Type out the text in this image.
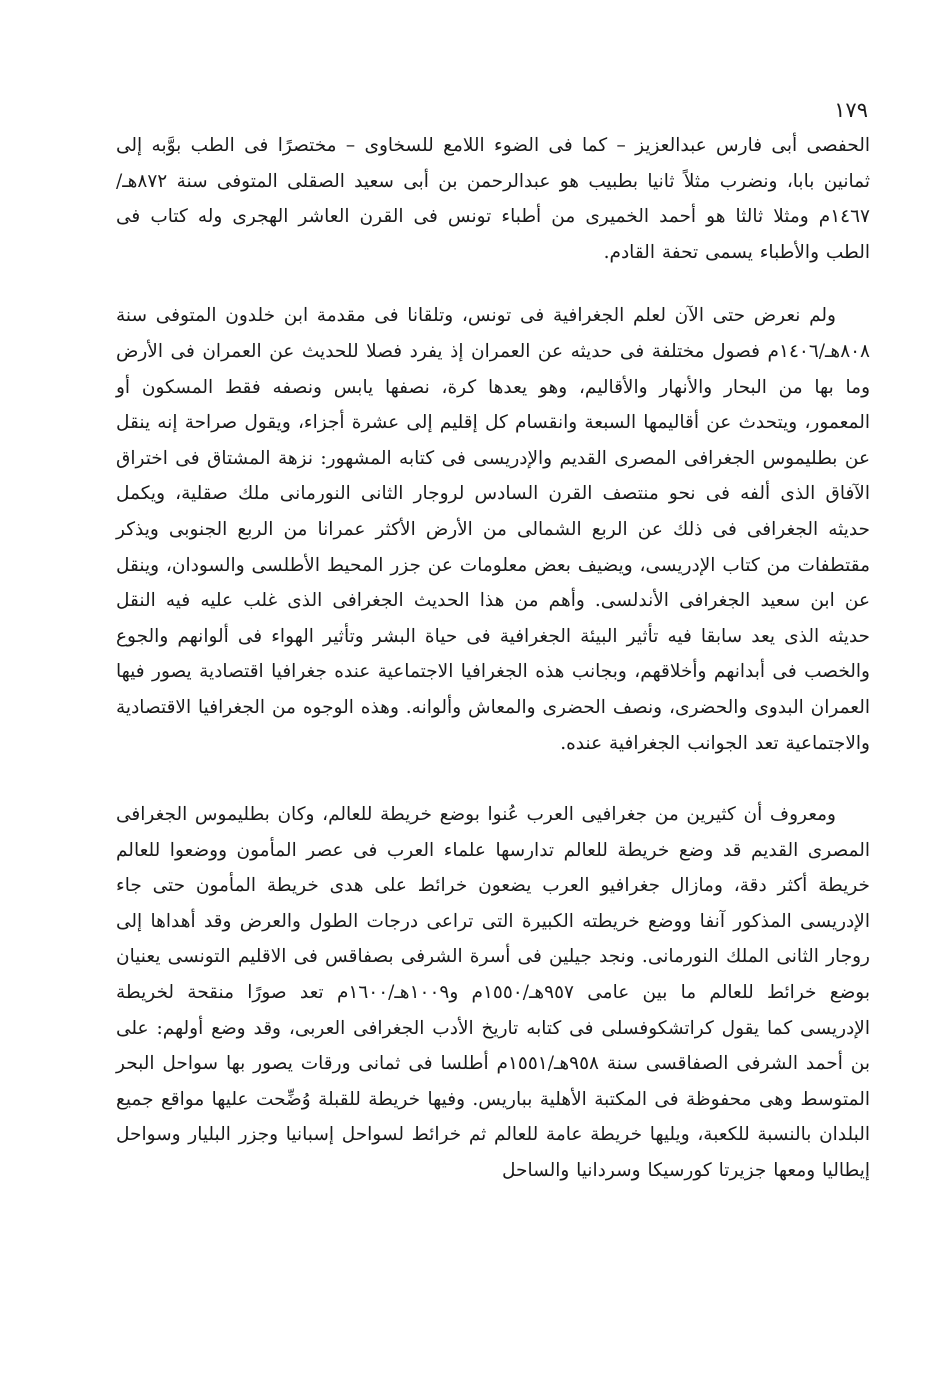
١٧٩

الحفصى أبى فارس عبدالعزيز – كما فى الضوء اللامع للسخاوى – مختصرًا فى الطب بوَّبه إلى ثمانين بابا، ونضرب مثلاً ثانيا بطبيب هو عبدالرحمن بن أبى سعيد الصقلى المتوفى سنة ٨٧٢هـ/١٤٦٧م ومثلا ثالثا هو أحمد الخميرى من أطباء تونس فى القرن العاشر الهجرى وله كتاب فى الطب والأطباء يسمى تحفة القادم.

ولم نعرض حتى الآن لعلم الجغرافية فى تونس، وتلقانا فى مقدمة ابن خلدون المتوفى سنة ٨٠٨هـ/١٤٠٦م فصول مختلفة فى حديثه عن العمران إذ يفرد فصلا للحديث عن العمران فى الأرض وما بها من البحار والأنهار والأقاليم، وهو يعدها كرة، نصفها يابس ونصفه فقط المسكون أو المعمور، ويتحدث عن أقاليمها السبعة وانقسام كل إقليم إلى عشرة أجزاء، ويقول صراحة إنه ينقل عن بطليموس الجغرافى المصرى القديم والإدريسى فى كتابه المشهور: نزهة المشتاق فى اختراق الآفاق الذى ألفه فى نحو منتصف القرن السادس لروجار الثانى النورمانى ملك صقلية، ويكمل حديثه الجغرافى فى ذلك عن الربع الشمالى من الأرض الأكثر عمرانا من الربع الجنوبى ويذكر مقتطفات من كتاب الإدريسى، ويضيف بعض معلومات عن جزر المحيط الأطلسى والسودان، وينقل عن ابن سعيد الجغرافى الأندلسى. وأهم من هذا الحديث الجغرافى الذى غلب عليه فيه النقل حديثه الذى يعد سابقا فيه تأثير البيئة الجغرافية فى حياة البشر وتأثير الهواء فى ألوانهم والجوع والخصب فى أبدانهم وأخلاقهم، وبجانب هذه الجغرافيا الاجتماعية عنده جغرافيا اقتصادية يصور فيها العمران البدوى والحضرى، ونصف الحضرى والمعاش وألوانه. وهذه الوجوه من الجغرافيا الاقتصادية والاجتماعية تعد الجوانب الجغرافية عنده.

ومعروف أن كثيرين من جغرافيى العرب عُنوا بوضع خريطة للعالم، وكان بطليموس الجغرافى المصرى القديم قد وضع خريطة للعالم تدارسها علماء العرب فى عصر المأمون ووضعوا للعالم خريطة أكثر دقة، ومازال جغرافيو العرب يضعون خرائط على هدى خريطة المأمون حتى جاء الإدريسى المذكور آنفا ووضع خريطته الكبيرة التى تراعى درجات الطول والعرض وقد أهداها إلى روجار الثانى الملك النورمانى. ونجد جيلين فى أسرة الشرفى بصفاقس فى الاقليم التونسى يعنيان بوضع خرائط للعالم ما بين عامى ٩٥٧هـ/١٥٥٠م و١٠٠٩هـ/١٦٠٠م تعد صورًا منقحة لخريطة الإدريسى كما يقول كراتشكوفسلى فى كتابه تاريخ الأدب الجغرافى العربى، وقد وضع أولهم: على بن أحمد الشرفى الصفاقسى سنة ٩٥٨هـ/١٥٥١م أطلسا فى ثمانى ورقات يصور بها سواحل البحر المتوسط وهى محفوظة فى المكتبة الأهلية بباريس. وفيها خريطة للقبلة وُضِّحت عليها مواقع جميع البلدان بالنسبة للكعبة، ويليها خريطة عامة للعالم ثم خرائط لسواحل إسبانيا وجزر البليار وسواحل إيطاليا ومعها جزيرتا كورسيكا وسردانيا والساحل
